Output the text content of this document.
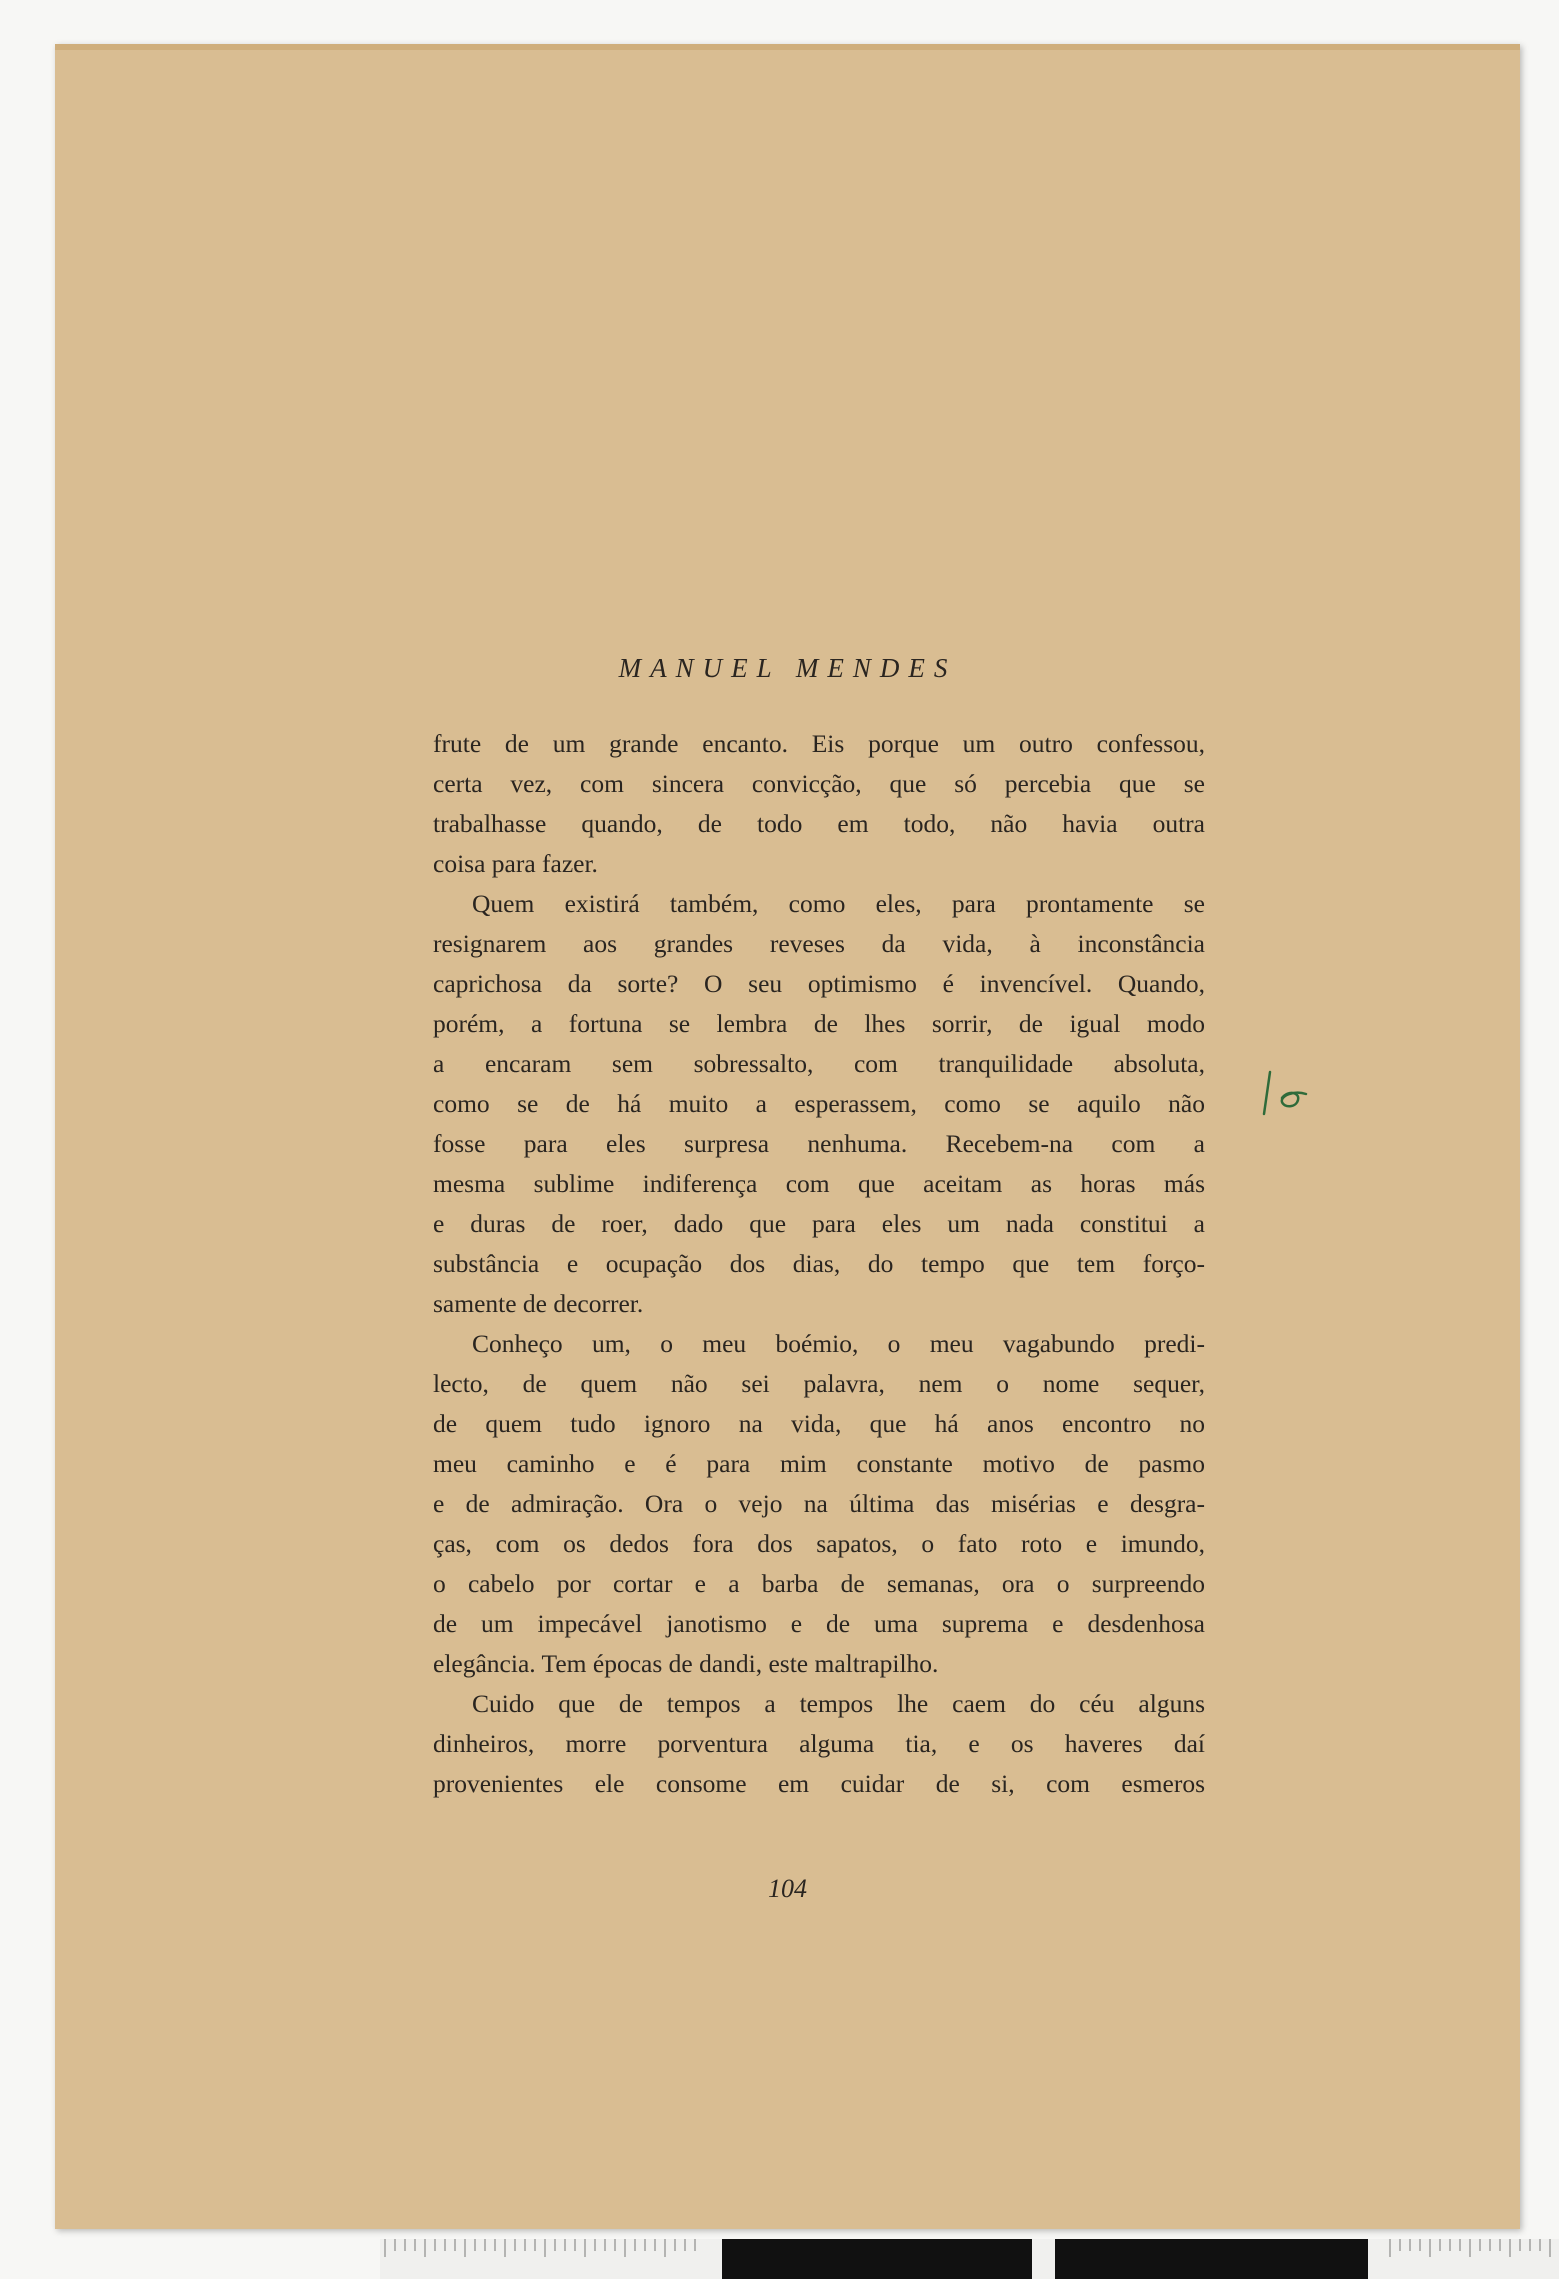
MANUEL MENDES
frute de um grande encanto. Eis porque um outro confessou,
certa vez, com sincera convicção, que só percebia que se
trabalhasse quando, de todo em todo, não havia outra
coisa para fazer.
Quem existirá também, como eles, para prontamente se
resignarem aos grandes reveses da vida, à inconstância
caprichosa da sorte? O seu optimismo é invencível. Quando,
porém, a fortuna se lembra de lhes sorrir, de igual modo
a encaram sem sobressalto, com tranquilidade absoluta,
como se de há muito a esperassem, como se aquilo não
fosse para eles surpresa nenhuma. Recebem-na com a
mesma sublime indiferença com que aceitam as horas más
e duras de roer, dado que para eles um nada constitui a
substância e ocupação dos dias, do tempo que tem forço-
samente de decorrer.
Conheço um, o meu boémio, o meu vagabundo predi-
lecto, de quem não sei palavra, nem o nome sequer,
de quem tudo ignoro na vida, que há anos encontro no
meu caminho e é para mim constante motivo de pasmo
e de admiração. Ora o vejo na última das misérias e desgra-
ças, com os dedos fora dos sapatos, o fato roto e imundo,
o cabelo por cortar e a barba de semanas, ora o surpreendo
de um impecável janotismo e de uma suprema e desdenhosa
elegância. Tem épocas de dandi, este maltrapilho.
Cuido que de tempos a tempos lhe caem do céu alguns
dinheiros, morre porventura alguma tia, e os haveres daí
provenientes ele consome em cuidar de si, com esmeros
104
